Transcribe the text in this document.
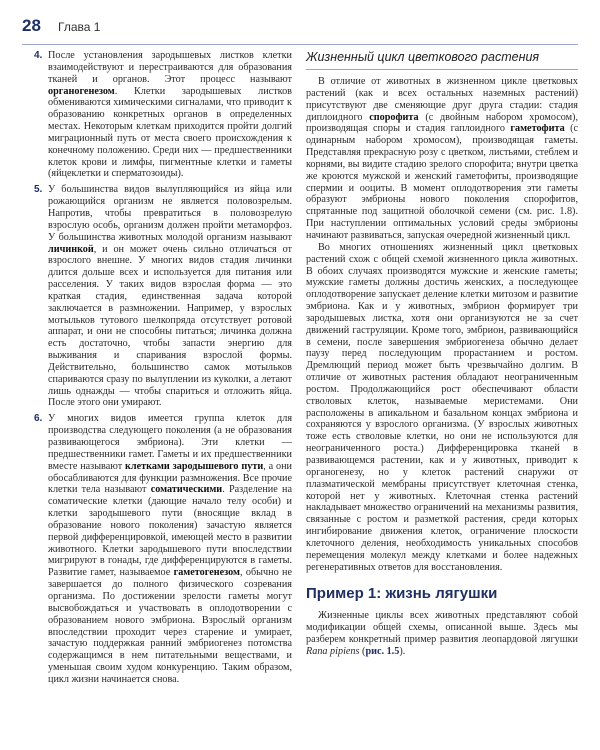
28 Глава 1
4. После установления зародышевых листков клетки взаимодействуют и перестраиваются для образования тканей и органов. Этот процесс называют органогенезом. Клетки зародышевых листков обмениваются химическими сигналами, что приводит к образованию конкретных органов в определенных местах. Некоторым клеткам приходится пройти долгий миграционный путь от места своего происхождения к конечному положению. Среди них — предшественники клеток крови и лимфы, пигментные клетки и гаметы (яйцеклетки и сперматозоиды).

5. У большинства видов вылупляющийся из яйца или рожающийся организм не является половозрелым. Напротив, чтобы превратиться в половозрелую взрослую особь, организм должен пройти метаморфоз. У большинства животных молодой организм называют личинкой, и он может очень сильно отличаться от взрослого внешне. У многих видов стадия личинки длится дольше всех и используется для питания или расселения. У таких видов взрослая форма — это краткая стадия, единственная задача которой заключается в размножении. Например, у взрослых мотыльков тутового шелкопряда отсутствует ротовой аппарат, и они не способны питаться; личинка должна есть достаточно, чтобы запасти энергию для выживания и спаривания взрослой формы. Действительно, большинство самок мотыльков спариваются сразу по вылуплении из куколки, а летают лишь однажды — чтобы спариться и отложить яйца. После этого они умирают.

6. У многих видов имеется группа клеток для производства следующего поколения (а не образования развивающегося эмбриона). Эти клетки — предшественники гамет. Гаметы и их предшественники вместе называют клетками зародышевого пути, а они обосабливаются для функции размножения. Все прочие клетки тела называют соматическими. Разделение на соматические клетки (дающие начало телу особи) и клетки зародышевого пути (вносящие вклад в образование нового поколения) зачастую является первой дифференцировкой, имеющей место в развитии животного. Клетки зародышевого пути впоследствии мигрируют в гонады, где дифференцируются в гаметы. Развитие гамет, называемое гаметогенезом, обычно не завершается до полного физического созревания организма. По достижении зрелости гаметы могут высвобождаться и участвовать в оплодотворении с образованием нового эмбриона. Взрослый организм впоследствии проходит через старение и умирает, зачастую поддержкая ранний эмбриогенез потомства содержащимся в нем питательными веществами, и уменьшая своим худом конкуренцию. Таким образом, цикл жизни начинается снова.

Жизненный цикл цветкового растения

В отличие от животных в жизненном цикле цветковых растений (как и всех остальных наземных растений) присутствуют две сменяющие друг друга стадии: стадия диплоидного спорофита (с двойным набором хромосом), производящая споры и стадия гаплоидного гаметофита (с одинарным набором хромосом), производящая гаметы. Представляя прекрасную розу с цветком, листьями, стеблем и корнями, вы видите стадию зрелого спорофита; внутри цветка же кроются мужской и женский гаметофиты, производящие спермии и ооциты. В момент оплодотворения эти гаметы образуют эмбрионы нового поколения спорофитов, спрятанные под защитной оболочкой семени (см. рис. 1.8). При наступлении оптимальных условий среды эмбрионы начинают развиваться, запуская очередной жизненный цикл.

Во многих отношениях жизненный цикл цветковых растений схож с общей схемой жизненного цикла животных. В обоих случаях производятся мужские и женские гаметы; мужские гаметы должны достичь женских, а последующее оплодотворение запускает деление клетки митозом и развитие эмбриона. Как и у животных, эмбрион формирует три зародышевых листка, хотя они организуются не за счет движений гаструляции. Кроме того, эмбрион, развивающийся в семени, после завершения эмбриогенеза обычно делает паузу перед последующим прорастанием и ростом. Дремлющий период может быть чрезвычайно долгим. В отличие от животных растения обладают неограниченным ростом. Продолжающийся рост обеспечивают области стволовых клеток, называемые меристемами. Они расположены в апикальном и базальном концах эмбриона и сохраняются у взрослого организма. (У взрослых животных тоже есть стволовые клетки, но они не используются для неограниченного роста.) Дифференцировка тканей в развивающемся растении, как и у животных, приводит к органогенезу, но у клеток растений снаружи от плазматической мембраны присутствует клеточная стенка, которой нет у животных. Клеточная стенка растений накладывает множество ограничений на механизмы развития, связанные с ростом и разметкой растения, среди которых ингибирование движения клеток, ограничение плоскости клеточного деления, необходимость уникальных способов перемещения молекул между клетками и более надежных регенеративных ответов для восстановления.

Пример 1: жизнь лягушки

Жизненные циклы всех животных представляют собой модификации общей схемы, описанной выше. Здесь мы разберем конкретный пример развития леопардовой лягушки Rana pipiens (рис. 1.5).
